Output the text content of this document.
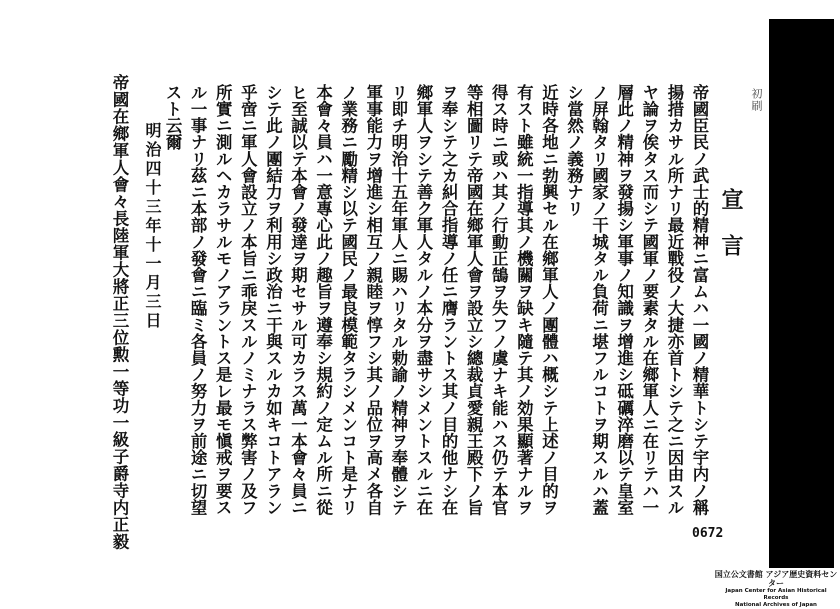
初刷
宣言
帝國臣民ノ武士的精神ニ富ムハ一國ノ精華トシテ宇内ノ稱
揚措カサル所ナリ最近戰役ノ大捷亦首トシテ之ニ因由スル
ヤ論ヲ俟タス而シテ國軍ノ要素タル在鄉軍人ニ在リテハ一
層此ノ精神ヲ發揚シ軍事ノ知識ヲ增進シ砥礪淬磨以テ皇室
ノ屏翰タリ國家ノ干城タル負荷ニ堪フルコトヲ期スルハ蓋
シ當然ノ義務ナリ
近時各地ニ勃興セル在鄉軍人ノ團體ハ概シテ上述ノ目的ヲ
有スト雖統一指導其ノ機關ヲ缺キ隨テ其ノ効果顯著ナルヲ
得ス時ニ或ハ其ノ行動正鵠ヲ失フノ虞ナキ能ハス仍テ本官
等相圖リテ帝國在鄉軍人會ヲ設立シ總裁貞愛親王殿下ノ旨
ヲ奉シテ之カ糾合指導ノ任ニ膺ラントス其ノ目的他ナシ在
鄉軍人ヲシテ善ク軍人タルノ本分ヲ盡サシメントスルニ在
リ即チ明治十五年軍人ニ賜ハリタル勅諭ノ精神ヲ奉體シテ
軍事能力ヲ增進シ相互ノ親睦ヲ惇フシ其ノ品位ヲ高メ各自
ノ業務ニ勵精シ以テ國民ノ最良模範タラシメンコト是ナリ
本會々員ハ一意專心此ノ趣旨ヲ遵奉シ規約ノ定ムル所ニ從
ヒ至誠以テ本會ノ發達ヲ期セサル可カラス萬一本會々員ニ
シテ此ノ團結力ヲ利用シ政治ニ干與スルカ如キコトアラン
乎啻ニ軍人會設立ノ本旨ニ乖戾スルノミナラス弊害ノ及フ
所實ニ測ルヘカラサルモノアラントス是レ最モ愼戒ヲ要ス
ル一事ナリ茲ニ本部ノ發會ニ臨ミ各員ノ努力ヲ前途ニ切望
スト云爾
明治四十三年十一月三日
帝國在鄉軍人會々長陸軍大將正三位勲一等功一級子爵寺内正毅	0672
国立公文書館 アジア歴史資料センター
Japan Center for Asian Historical Records
National Archives of Japan
